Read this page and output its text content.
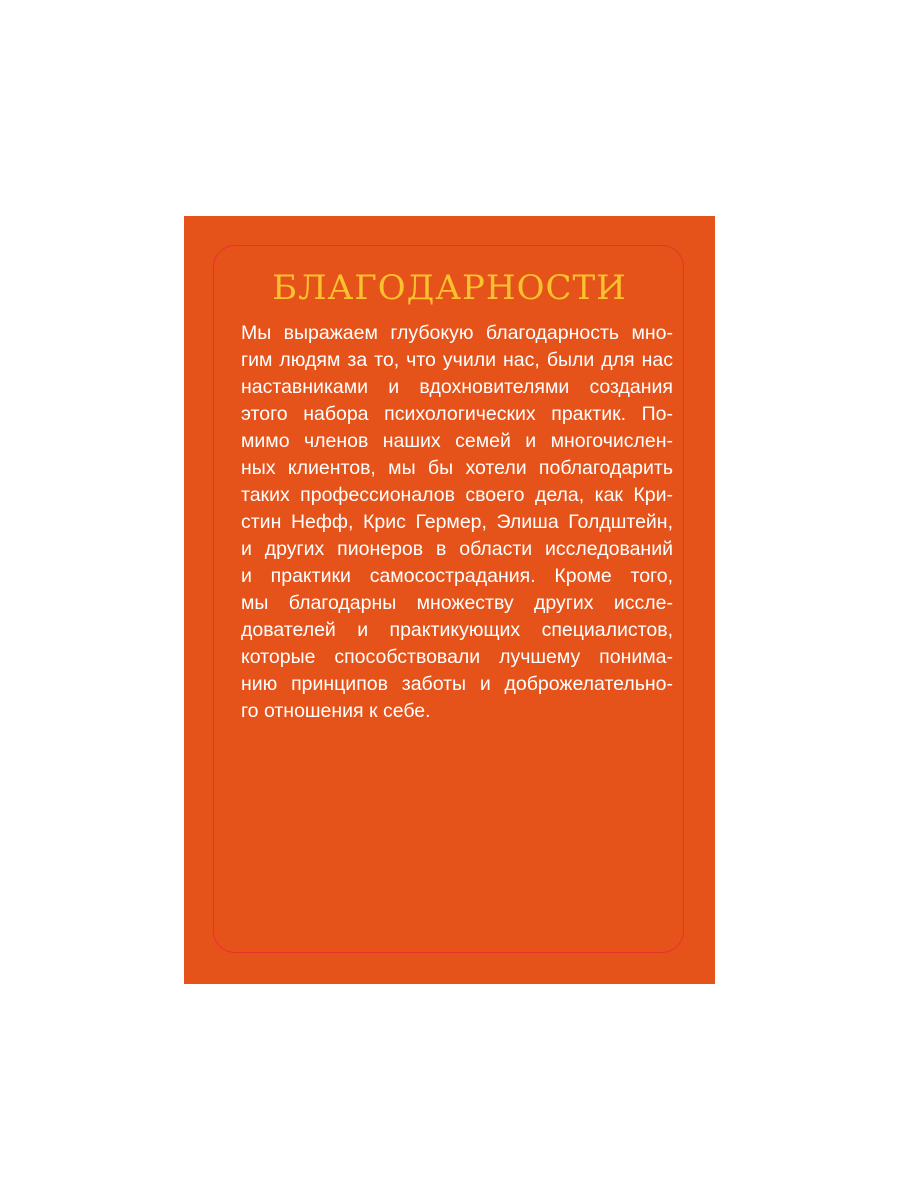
БЛАГОДАРНОСТИ
Мы выражаем глубокую благодарность мно-
гим людям за то, что учили нас, были для нас
наставниками и вдохновителями создания
этого набора психологических практик. По-
мимо членов наших семей и многочислен-
ных клиентов, мы бы хотели поблагодарить
таких профессионалов своего дела, как Кри-
стин Нефф, Крис Гермер, Элиша Голдштейн,
и других пионеров в области исследований
и практики самосострадания. Кроме того,
мы благодарны множеству других иссле-
дователей и практикующих специалистов,
которые способствовали лучшему понима-
нию принципов заботы и доброжелательно-
го отношения к себе.
